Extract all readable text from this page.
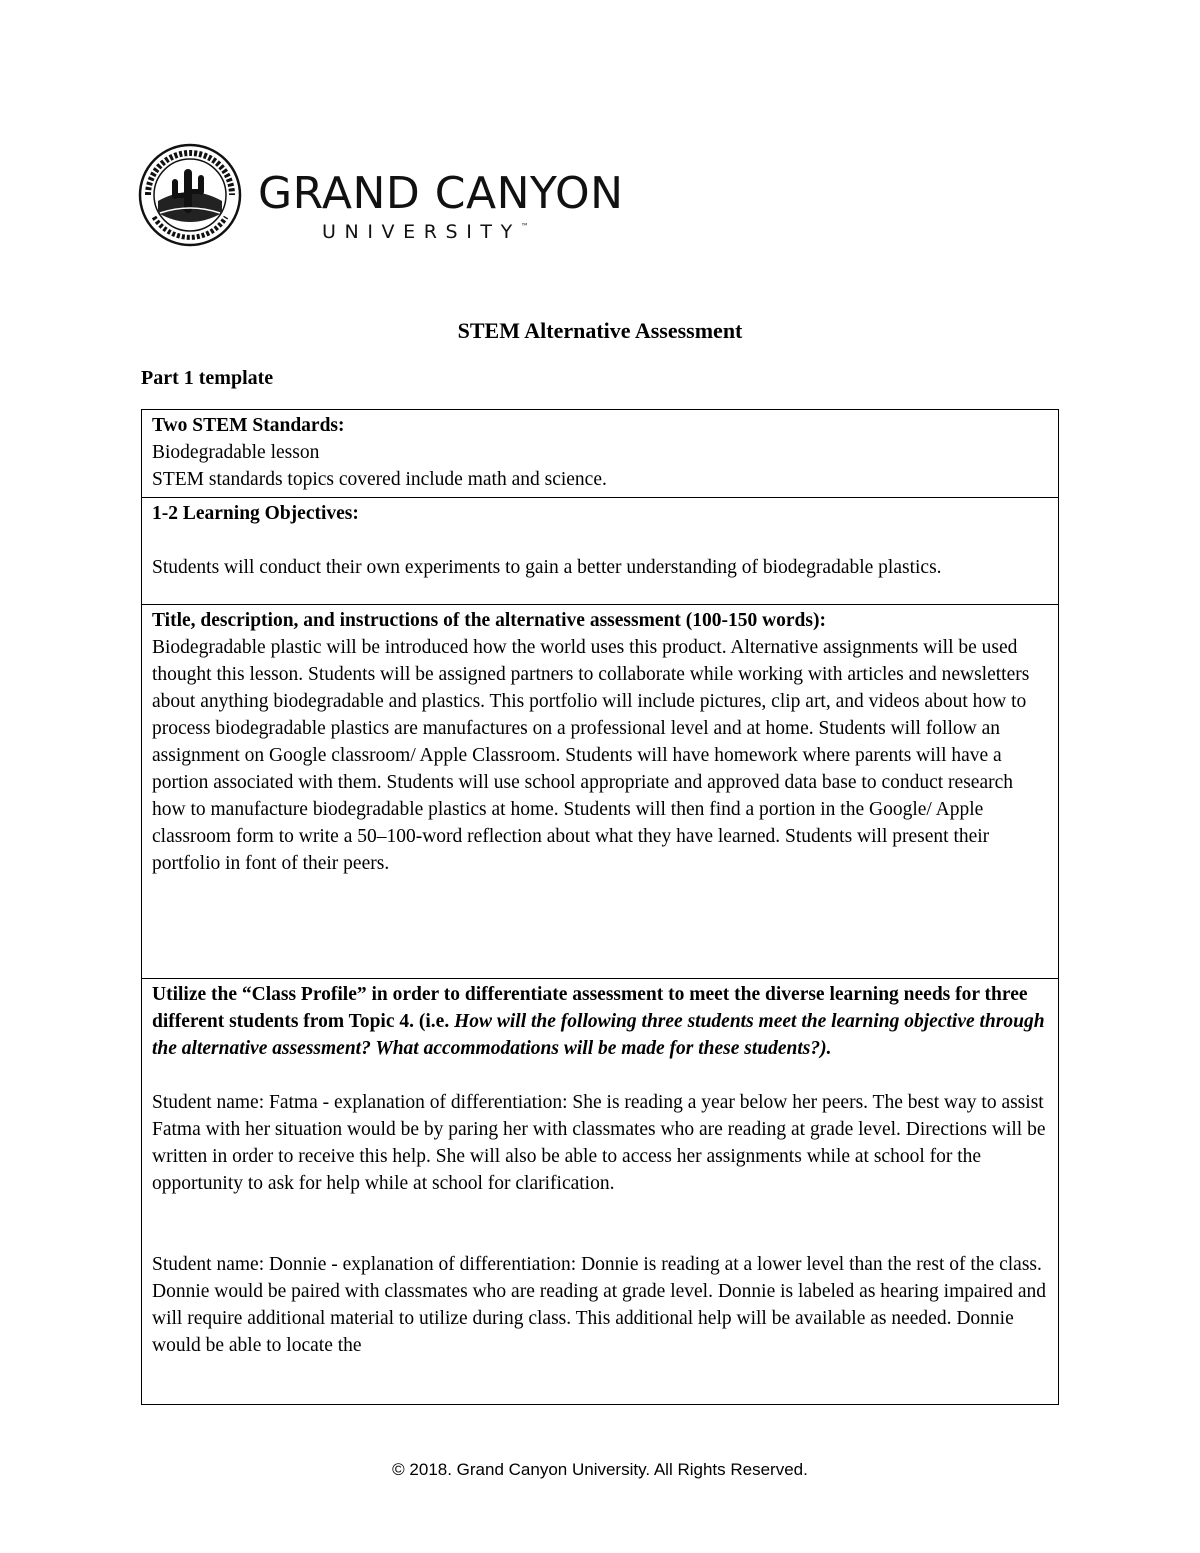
GRAND CANYON
UNIVERSITY™
STEM Alternative Assessment
Part 1 template
Two STEM Standards:
Biodegradable lesson
STEM standards topics covered include math and science.

1-2 Learning Objectives:
Students will conduct their own experiments to gain a better understanding of biodegradable plastics.

Title, description, and instructions of the alternative assessment (100-150 words):
Biodegradable plastic will be introduced how the world uses this product. Alternative assignments will be used thought this lesson. Students will be assigned partners to collaborate while working with articles and newsletters about anything biodegradable and plastics. This portfolio will include pictures, clip art, and videos about how to process biodegradable plastics are manufactures on a professional level and at home. Students will follow an assignment on Google classroom/ Apple Classroom. Students will have homework where parents will have a portion associated with them. Students will use school appropriate and approved data base to conduct research how to manufacture biodegradable plastics at home. Students will then find a portion in the Google/ Apple classroom form to write a 50–100-word reflection about what they have learned. Students will present their portfolio in font of their peers.

Utilize the “Class Profile” in order to differentiate assessment to meet the diverse learning needs for three different students from Topic 4. (i.e. How will the following three students meet the learning objective through the alternative assessment? What accommodations will be made for these students?).
Student name: Fatma - explanation of differentiation: She is reading a year below her peers. The best way to assist Fatma with her situation would be by paring her with classmates who are reading at grade level. Directions will be written in order to receive this help. She will also be able to access her assignments while at school for the opportunity to ask for help while at school for clarification.
Student name: Donnie - explanation of differentiation: Donnie is reading at a lower level than the rest of the class. Donnie would be paired with classmates who are reading at grade level. Donnie is labeled as hearing impaired and will require additional material to utilize during class. This additional help will be available as needed. Donnie would be able to locate the
© 2018. Grand Canyon University. All Rights Reserved.
